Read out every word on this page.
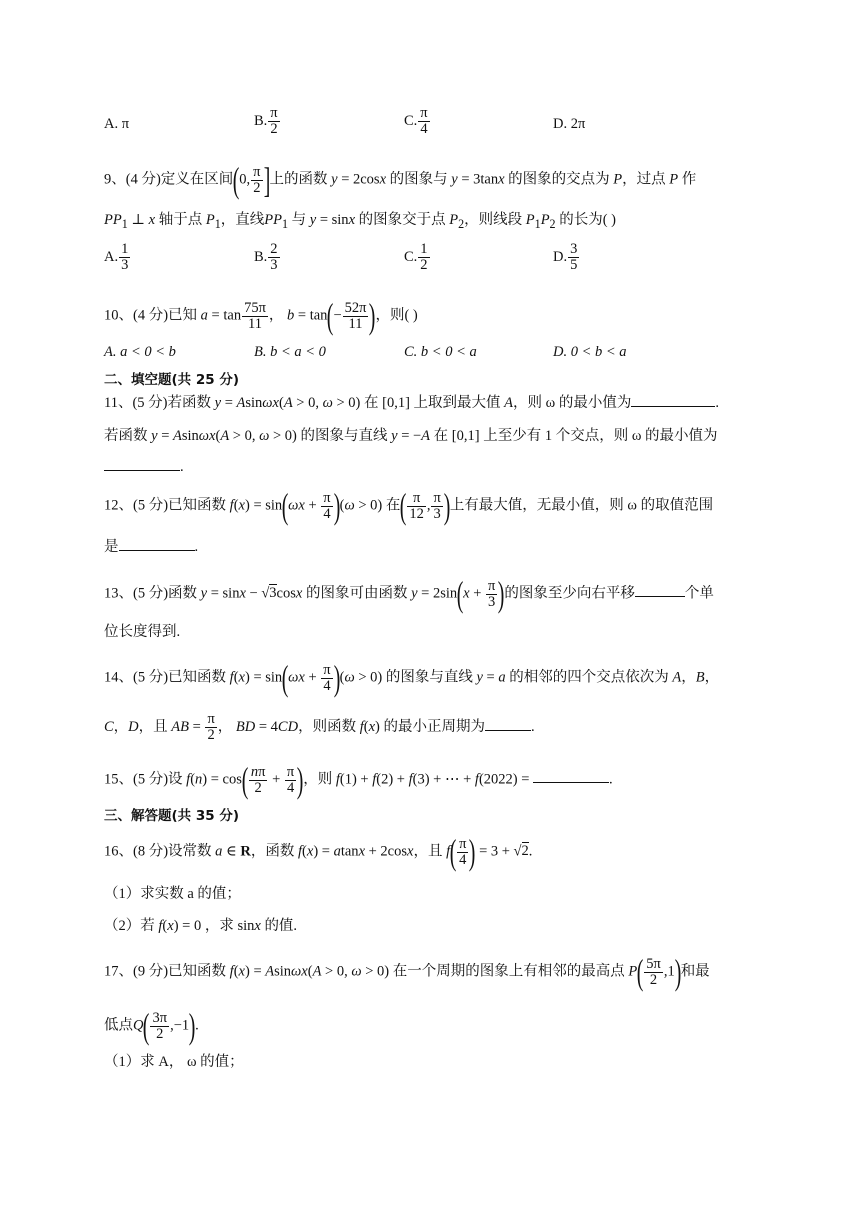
A. π	B. $\frac{\pi}{2}$	C. $\frac{\pi}{4}$	D. 2π
9、(4 分)定义在区间(0, $\frac{\pi}{2}$ ]上的函数 y = 2cosx 的图象与 y = 3tanx 的图象的交点为 P，过点 P 作
$PP_1$ ⊥ x 轴于点 $P_1$，直线$PP_1$ 与 y = sinx 的图象交于点 $P_2$，则线段 $P_1P_2$ 的长为( )
A. $\frac{1}{3}$	B. $\frac{2}{3}$	C. $\frac{1}{2}$	D. $\frac{3}{5}$
10、(4 分)已知 $a = \tan \frac{75\pi}{11}$ ， $b = \tan(- \frac{52\pi}{11}$ )，则( )
A. a < 0 < b	B. b < a < 0	C. b < 0 < a	D. 0 < b < a
二、填空题(共 25 分)
11、(5 分)若函数 y = Asinωx(A > 0, ω > 0) 在 [0,1] 上取到最大值 A，则 ω 的最小值为	.
若函数 y = Asinωx(A > 0, ω > 0) 的图象与直线 y = −A 在 [0,1] 上至少有 1 个交点，则 ω 的最小值为
.
12、(5 分)已知函数 $f(x) = \sin(\omega x + \frac{\pi}{4} )(\omega > 0)$ 在( $\frac{\pi}{12}$ , $\frac{\pi}{3}$ )上有最大值，无最小值，则 ω 的取值范围
是	.
13、(5 分)函数 y = sinx − √3cosx 的图象可由函数 $y = 2\sin(x + \frac{\pi}{3}$ )的图象至少向右平移	个单
位长度得到.
14、(5 分)已知函数 $f(x) = \sin(\omega x + \frac{\pi}{4} )(\omega > 0)$ 的图象与直线 y = a 的相邻的四个交点依次为 A，B，
C，D，且 AB = $\frac{\pi}{2}$ ， BD = 4CD，则函数 f(x) 的最小正周期为	.
15、(5 分)设 $f(n) = \cos( \frac{n\pi}{2} + \frac{\pi}{4}$ )，则 f(1) + f(2) + f(3) + ⋯ + f(2022) =	.
三、解答题(共 35 分)
16、(8 分)设常数 a ∈ R，函数 f(x) = atanx + 2cosx，且 $f( \frac{\pi}{4}$ ) = 3 + √2.
（1）求实数 a 的值；
（2）若 f(x) = 0 ，求 sinx 的值.
17、(9 分)已知函数 f(x) = Asinωx(A > 0, ω > 0) 在一个周期的图象上有相邻的最高点 $P( \frac{5\pi}{2} ,1)$和最
低点$Q( \frac{3\pi}{2} ,-1)$.
（1）求 A， ω 的值；
